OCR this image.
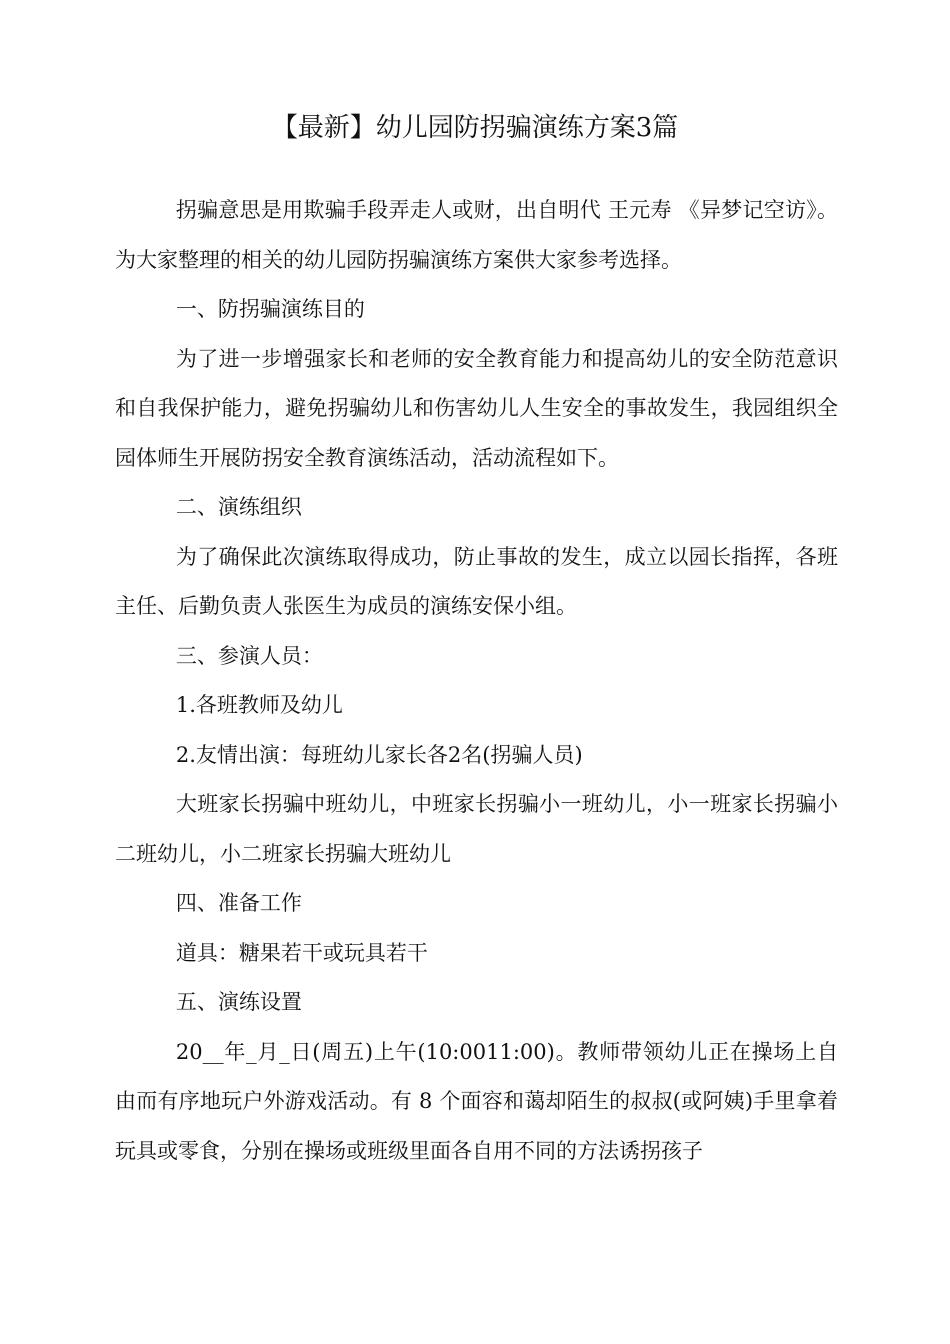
【最新】幼儿园防拐骗演练方案3篇

拐骗意思是用欺骗手段弄走人或财，出自明代 王元寿 《异梦记空访》。为大家整理的相关的幼儿园防拐骗演练方案供大家参考选择。

一、防拐骗演练目的

为了进一步增强家长和老师的安全教育能力和提高幼儿的安全防范意识和自我保护能力，避免拐骗幼儿和伤害幼儿人生安全的事故发生，我园组织全园体师生开展防拐安全教育演练活动，活动流程如下。

二、演练组织

为了确保此次演练取得成功，防止事故的发生，成立以园长指挥，各班主任、后勤负责人张医生为成员的演练安保小组。

三、参演人员：

1.各班教师及幼儿

2.友情出演：每班幼儿家长各2名(拐骗人员)

大班家长拐骗中班幼儿，中班家长拐骗小一班幼儿，小一班家长拐骗小二班幼儿，小二班家长拐骗大班幼儿

四、准备工作

道具：糖果若干或玩具若干

五、演练设置

20__年_月_日(周五)上午(10:0011:00)。教师带领幼儿正在操场上自由而有序地玩户外游戏活动。有 8 个面容和蔼却陌生的叔叔(或阿姨)手里拿着玩具或零食，分别在操场或班级里面各自用不同的方法诱拐孩子
